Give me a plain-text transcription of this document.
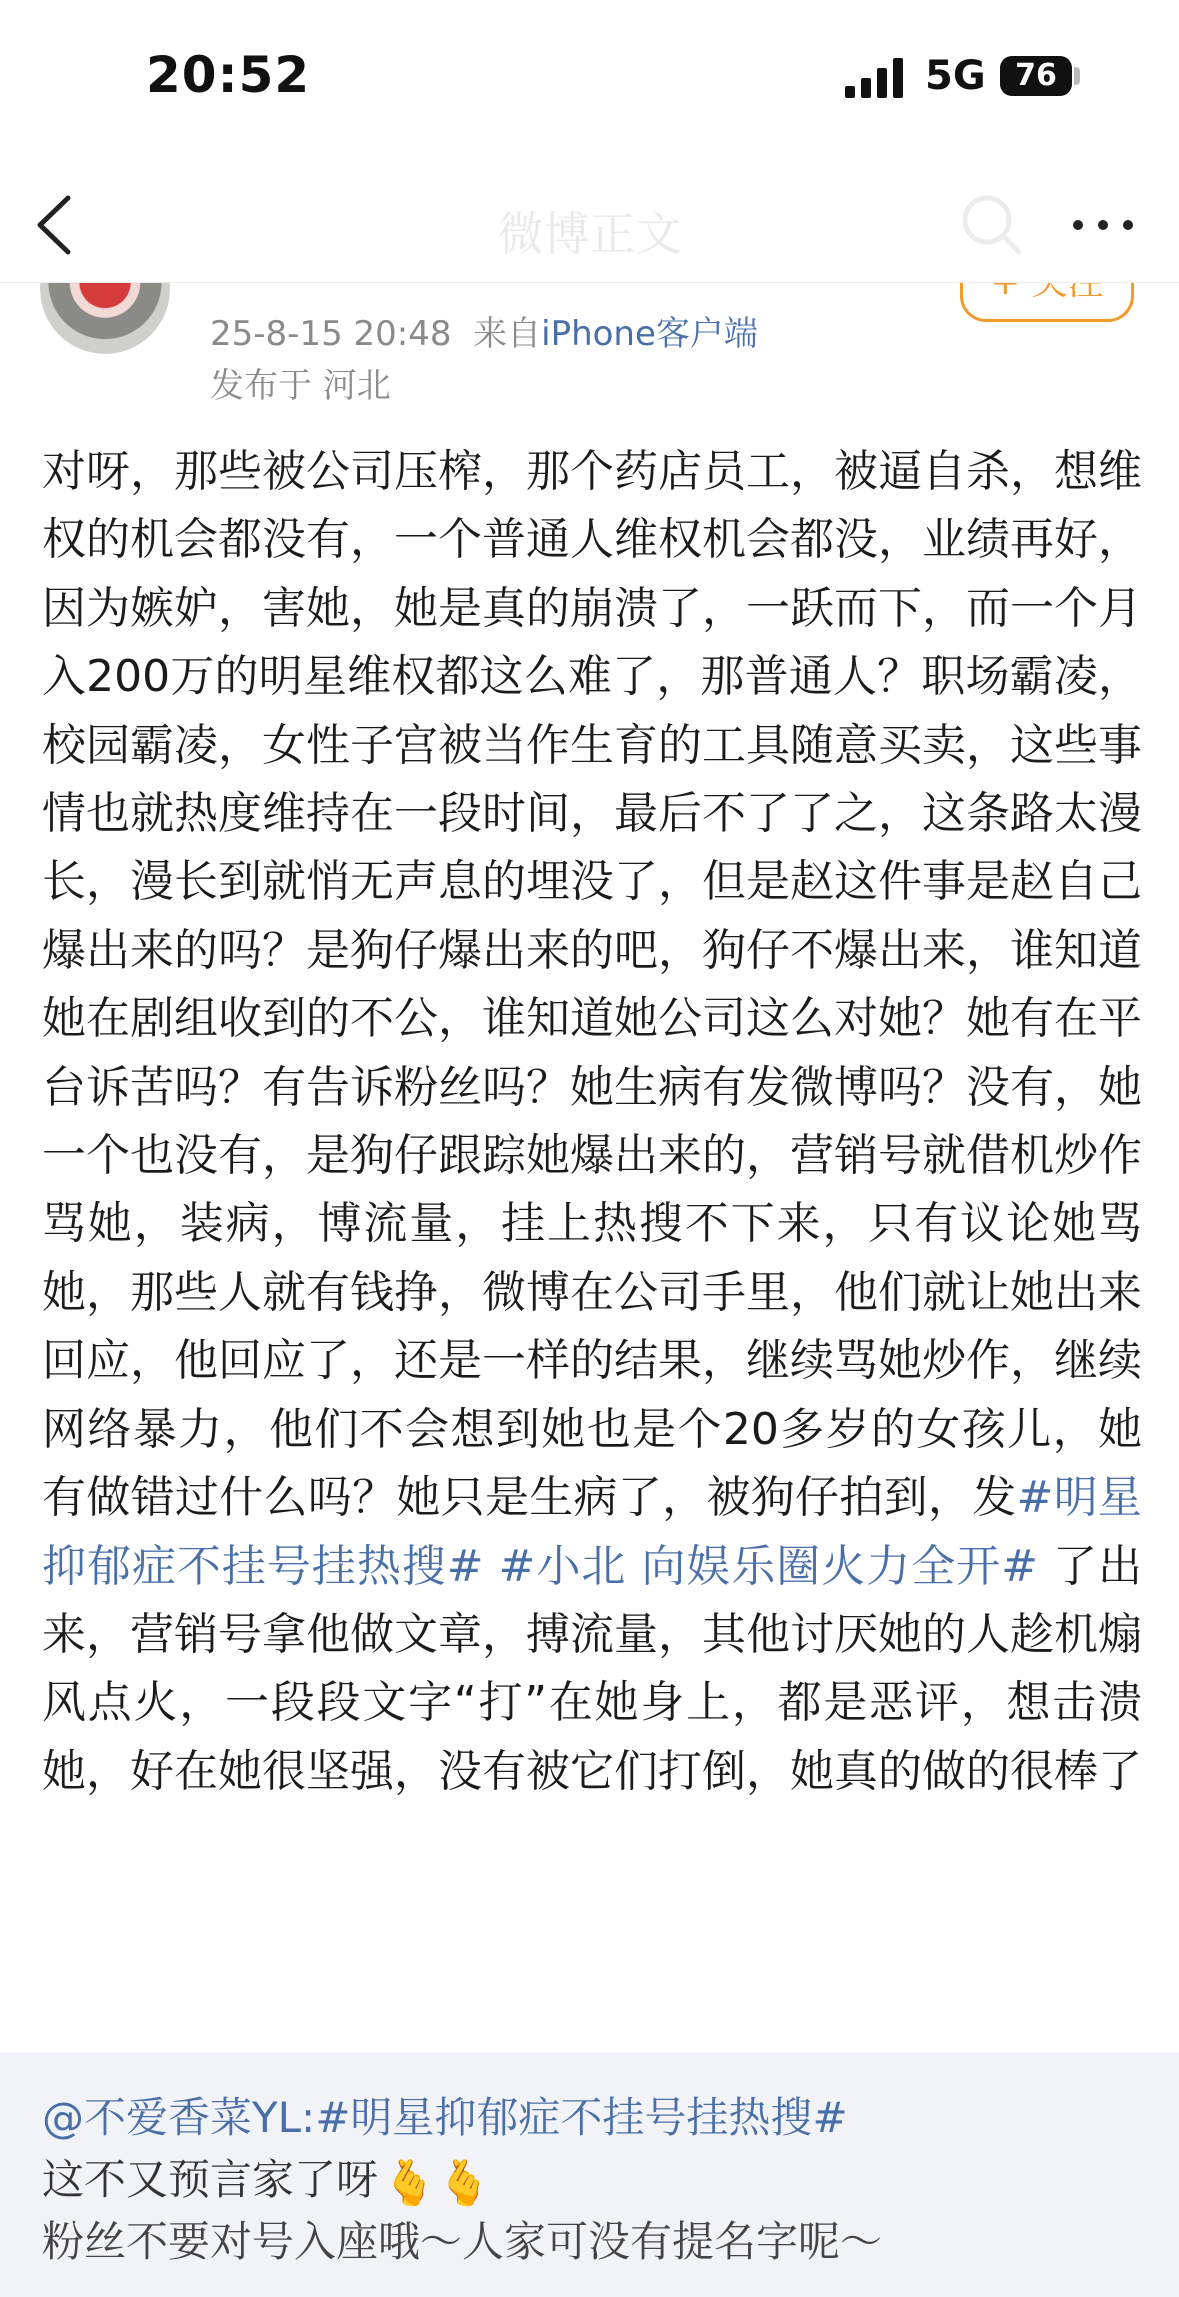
20:52	5G 76
微博正文
25-8-15 20:48 来自iPhone客户端
发布于 河北
对呀，那些被公司压榨，那个药店员工，被逼自杀，想维权的机会都没有，一个普通人维权机会都没，业绩再好，因为嫉妒，害她，她是真的崩溃了，一跃而下，而一个月入200万的明星维权都这么难了，那普通人？职场霸凌，校园霸凌，女性子宫被当作生育的工具随意买卖，这些事情也就热度维持在一段时间，最后不了了之，这条路太漫长，漫长到就悄无声息的埋没了，但是赵这件事是赵自己爆出来的吗？是狗仔爆出来的吧，狗仔不爆出来，谁知道她在剧组收到的不公，谁知道她公司这么对她？她有在平台诉苦吗？有告诉粉丝吗？她生病有发微博吗？没有，她一个也没有，是狗仔跟踪她爆出来的，营销号就借机炒作骂她，装病，博流量，挂上热搜不下来，只有议论她骂她，那些人就有钱挣，微博在公司手里，他们就让她出来回应，他回应了，还是一样的结果，继续骂她炒作，继续网络暴力，他们不会想到她也是个20多岁的女孩儿，她有做错过什么吗？她只是生病了，被狗仔拍到，发#明星抑郁症不挂号挂热搜# #小北 向娱乐圈火力全开# 了出来，营销号拿他做文章，搏流量，其他讨厌她的人趁机煽风点火，一段段文字“打”在她身上，都是恶评，想击溃她，好在她很坚强，没有被它们打倒，她真的做的很棒了
@不爱香菜YL:#明星抑郁症不挂号挂热搜#
这不又预言家了呀🫰🫰
粉丝不要对号入座哦～人家可没有提名字呢～
